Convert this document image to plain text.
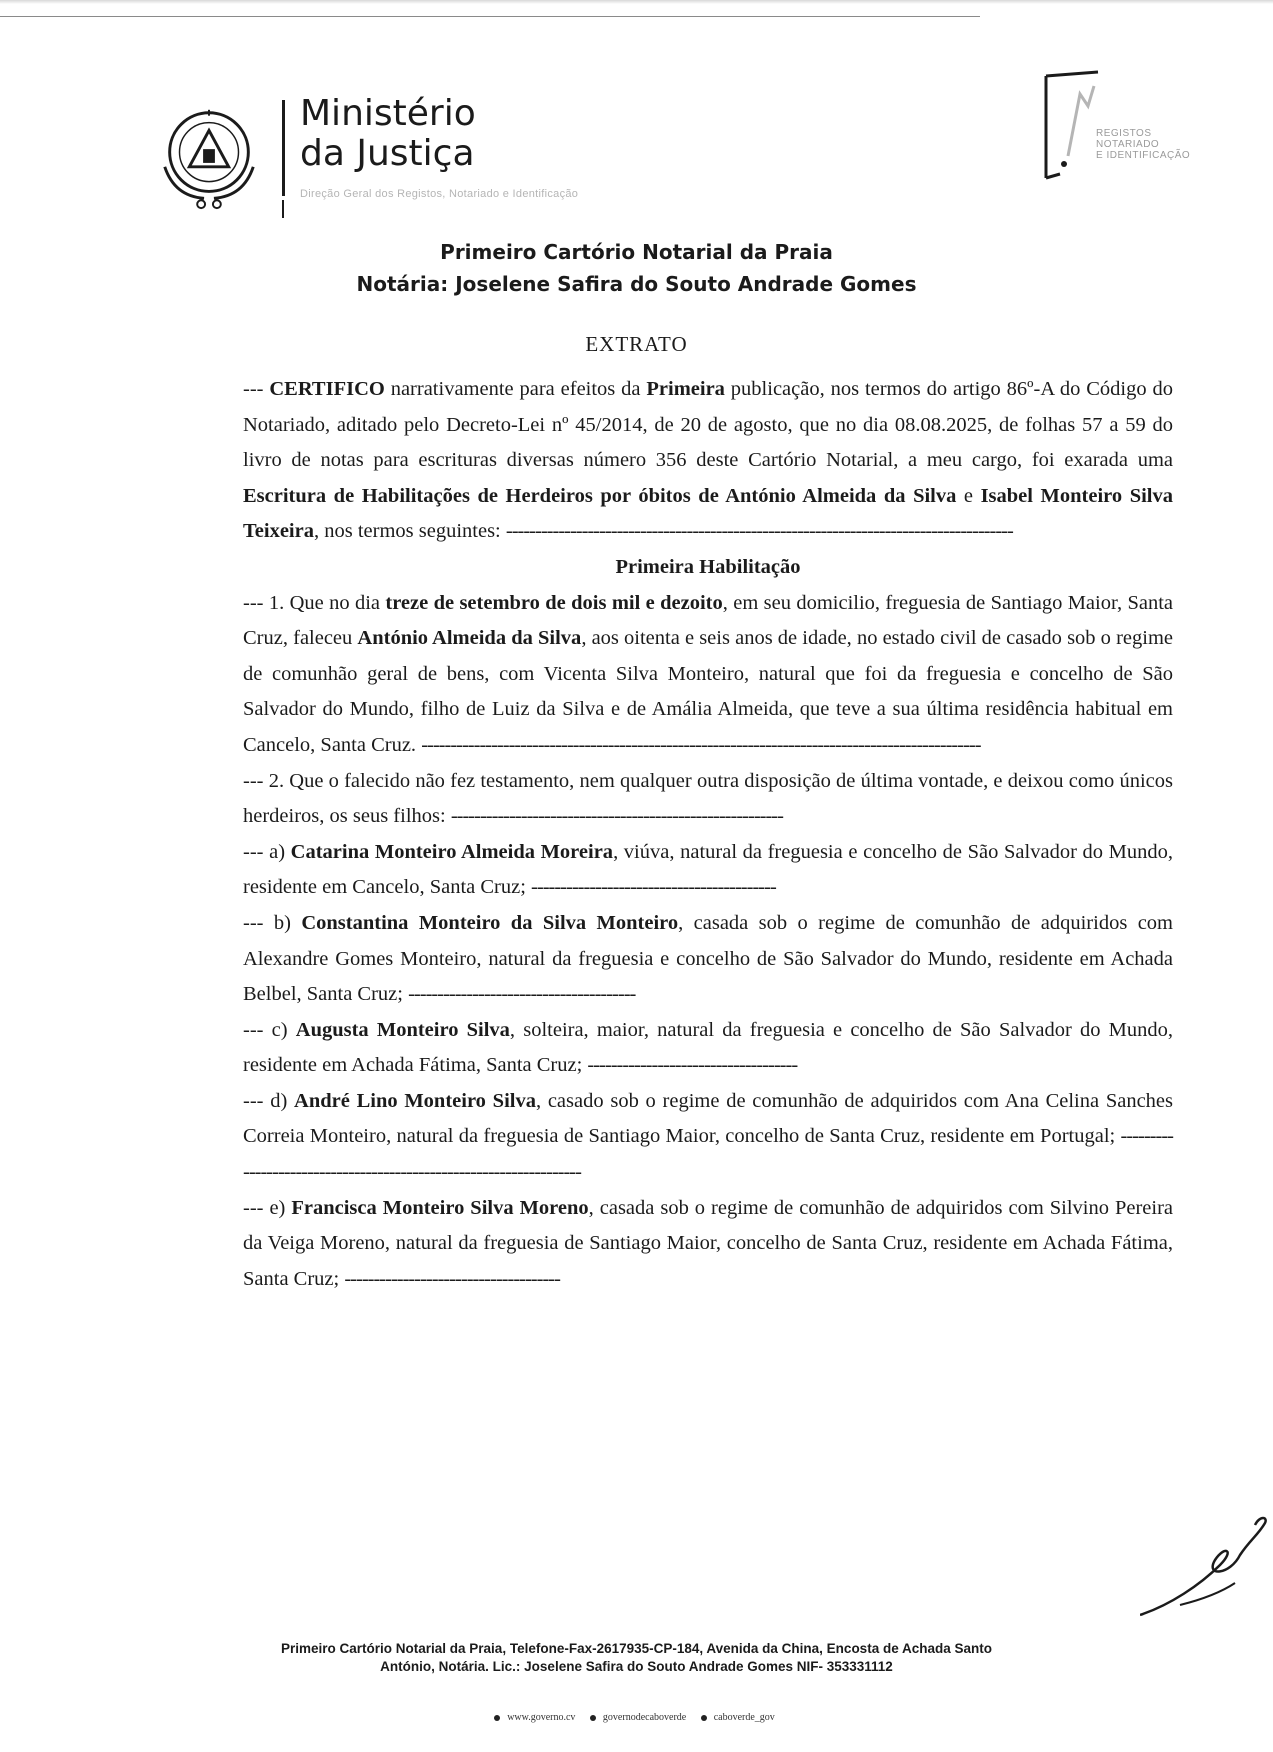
Ministério
da Justiça
Direção Geral dos Registos, Notariado e Identificação
REGISTOS
NOTARIADO
E IDENTIFICAÇÃO
Primeiro Cartório Notarial da Praia
Notária: Joselene Safira do Souto Andrade Gomes
EXTRATO

--- CERTIFICO narrativamente para efeitos da Primeira publicação, nos termos do artigo 86º-A do Código do Notariado, aditado pelo Decreto-Lei nº 45/2014, de 20 de agosto, que no dia 08.08.2025, de folhas 57 a 59 do livro de notas para escrituras diversas número 356 deste Cartório Notarial, a meu cargo, foi exarada uma Escritura de Habilitações de Herdeiros por óbitos de António Almeida da Silva e Isabel Monteiro Silva Teixeira, nos termos seguintes: ---------------------------------------------------------------------------------------

Primeira Habilitação

--- 1. Que no dia treze de setembro de dois mil e dezoito, em seu domicilio, freguesia de Santiago Maior, Santa Cruz, faleceu António Almeida da Silva, aos oitenta e seis anos de idade, no estado civil de casado sob o regime de comunhão geral de bens, com Vicenta Silva Monteiro, natural que foi da freguesia e concelho de São Salvador do Mundo, filho de Luiz da Silva e de Amália Almeida, que teve a sua última residência habitual em Cancelo, Santa Cruz. ------------------------------------------------------------------------------------------------

--- 2. Que o falecido não fez testamento, nem qualquer outra disposição de última vontade, e deixou como únicos herdeiros, os seus filhos: ---------------------------------------------------------

--- a) Catarina Monteiro Almeida Moreira, viúva, natural da freguesia e concelho de São Salvador do Mundo, residente em Cancelo, Santa Cruz; ------------------------------------------

--- b) Constantina Monteiro da Silva Monteiro, casada sob o regime de comunhão de adquiridos com Alexandre Gomes Monteiro, natural da freguesia e concelho de São Salvador do Mundo, residente em Achada Belbel, Santa Cruz; ---------------------------------------

--- c) Augusta Monteiro Silva, solteira, maior, natural da freguesia e concelho de São Salvador do Mundo, residente em Achada Fátima, Santa Cruz; ------------------------------------

--- d) André Lino Monteiro Silva, casado sob o regime de comunhão de adquiridos com Ana Celina Sanches Correia Monteiro, natural da freguesia de Santiago Maior, concelho de Santa Cruz, residente em Portugal; -------------------------------------------------------------------

--- e) Francisca Monteiro Silva Moreno, casada sob o regime de comunhão de adquiridos com Silvino Pereira da Veiga Moreno, natural da freguesia de Santiago Maior, concelho de Santa Cruz, residente em Achada Fátima, Santa Cruz; -------------------------------------

Primeiro Cartório Notarial da Praia, Telefone-Fax-2617935-CP-184, Avenida da China, Encosta de Achada Santo
António, Notária. Lic.: Joselene Safira do Souto Andrade Gomes NIF- 353331112
www.governo.cv	governodecaboverde	caboverde_gov
